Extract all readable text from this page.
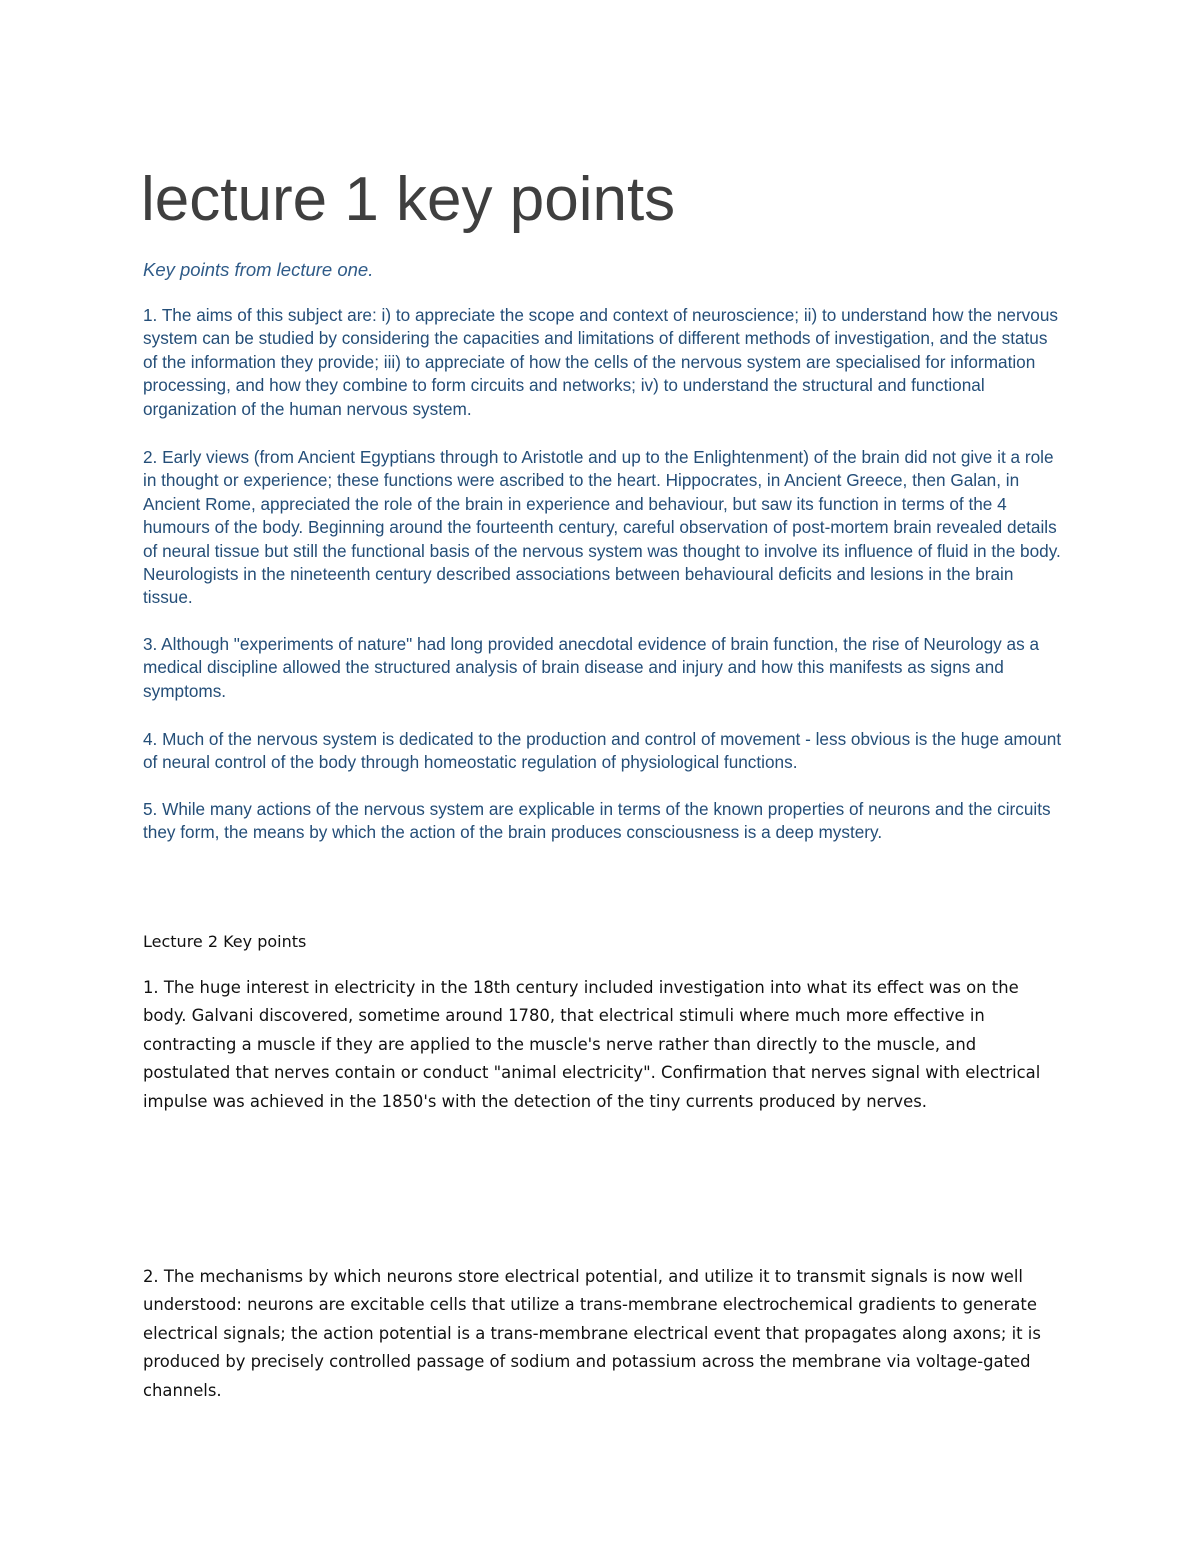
lecture 1 key points

Key points from lecture one.

1. The aims of this subject are: i) to appreciate the scope and context of neuroscience; ii) to understand how the nervous system can be studied by considering the capacities and limitations of different methods of investigation, and the status of the information they provide; iii) to appreciate of how the cells of the nervous system are specialised for information processing, and how they combine to form circuits and networks; iv) to understand the structural and functional organization of the human nervous system.

2. Early views (from Ancient Egyptians through to Aristotle and up to the Enlightenment) of the brain did not give it a role in thought or experience; these functions were ascribed to the heart. Hippocrates, in Ancient Greece, then Galan, in Ancient Rome, appreciated the role of the brain in experience and behaviour, but saw its function in terms of the 4 humours of the body. Beginning around the fourteenth century, careful observation of post-mortem brain revealed details of neural tissue but still the functional basis of the nervous system was thought to involve its influence of fluid in the body. Neurologists in the nineteenth century described associations between behavioural deficits and lesions in the brain tissue.

3. Although "experiments of nature" had long provided anecdotal evidence of brain function, the rise of Neurology as a medical discipline allowed the structured analysis of brain disease and injury and how this manifests as signs and symptoms.

4. Much of the nervous system is dedicated to the production and control of movement - less obvious is the huge amount of neural control of the body through homeostatic regulation of physiological functions.

5. While many actions of the nervous system are explicable in terms of the known properties of neurons and the circuits they form, the means by which the action of the brain produces consciousness is a deep mystery.

Lecture 2 Key points

1. The huge interest in electricity in the 18th century included investigation into what its effect was on the body. Galvani discovered, sometime around 1780, that electrical stimuli where much more effective in contracting a muscle if they are applied to the muscle's nerve rather than directly to the muscle, and postulated that nerves contain or conduct "animal electricity". Confirmation that nerves signal with electrical impulse was achieved in the 1850's with the detection of the tiny currents produced by nerves.

2. The mechanisms by which neurons store electrical potential, and utilize it to transmit signals is now well understood: neurons are excitable cells that utilize a trans-membrane electrochemical gradients to generate electrical signals; the action potential is a trans-membrane electrical event that propagates along axons; it is produced by precisely controlled passage of sodium and potassium across the membrane via voltage-gated channels.
